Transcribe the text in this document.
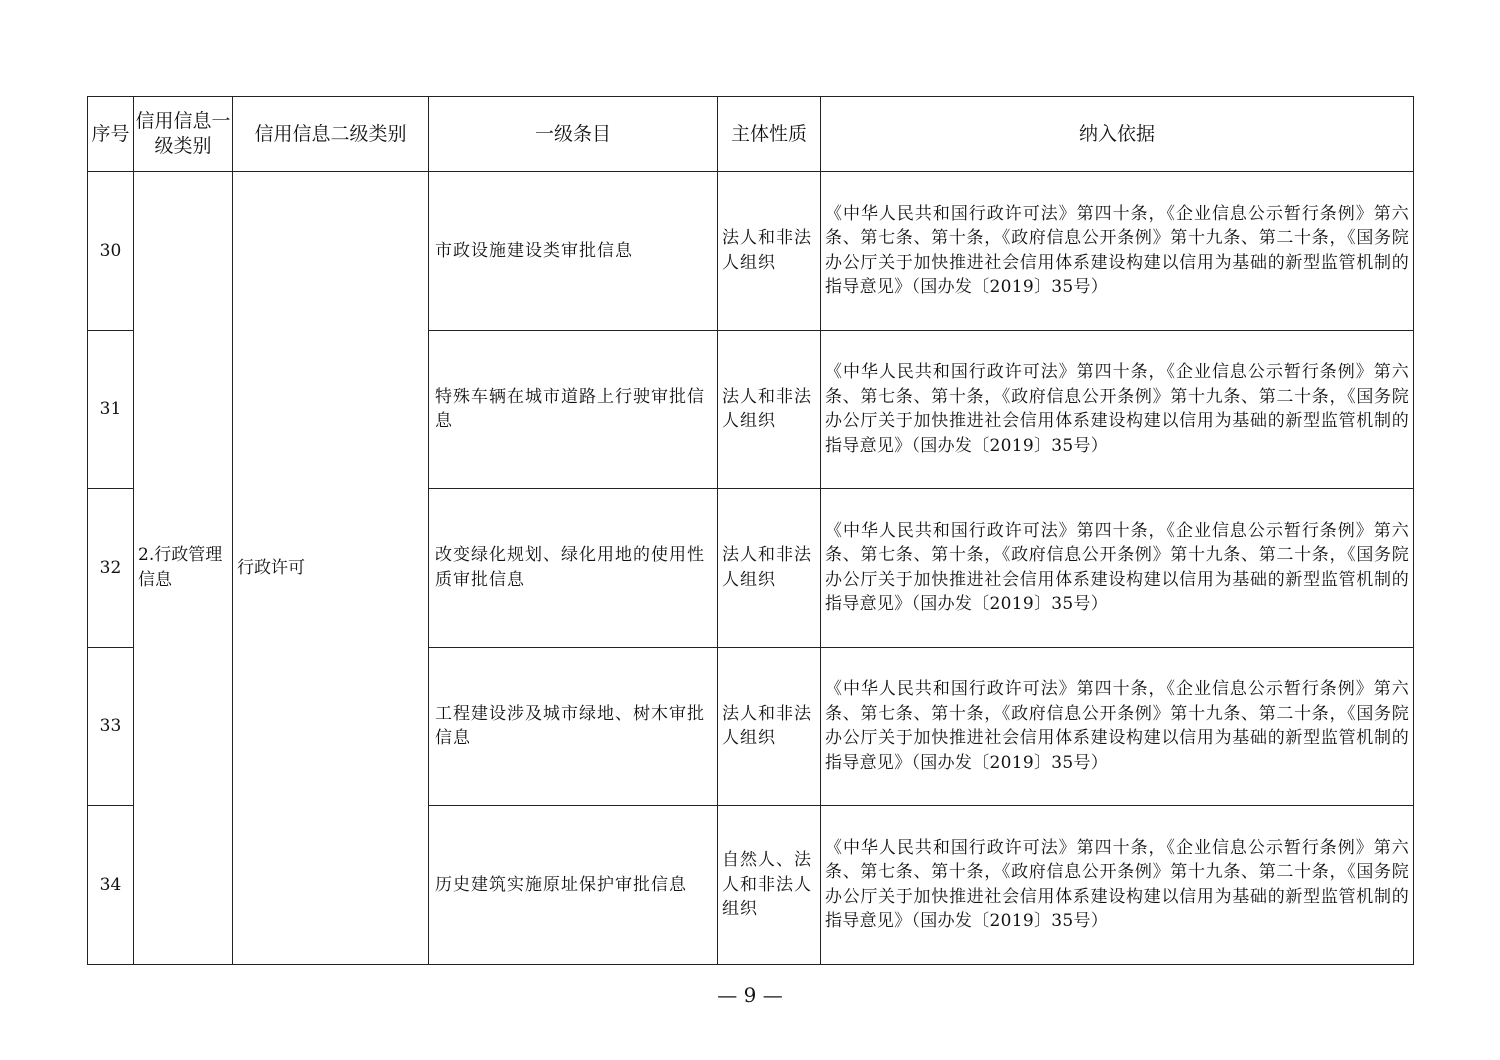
序号	信用信息一级类别	信用信息二级类别	一级条目	主体性质	纳入依据
30	2.行政管理信息	行政许可	市政设施建设类审批信息	法人和非法人组织	《中华人民共和国行政许可法》第四十条，《企业信息公示暂行条例》第六条、第七条、第十条，《政府信息公开条例》第十九条、第二十条，《国务院办公厅关于加快推进社会信用体系建设构建以信用为基础的新型监管机制的指导意见》（国办发〔2019〕35号）
31			特殊车辆在城市道路上行驶审批信息	法人和非法人组织	《中华人民共和国行政许可法》第四十条，《企业信息公示暂行条例》第六条、第七条、第十条，《政府信息公开条例》第十九条、第二十条，《国务院办公厅关于加快推进社会信用体系建设构建以信用为基础的新型监管机制的指导意见》（国办发〔2019〕35号）
32			改变绿化规划、绿化用地的使用性质审批信息	法人和非法人组织	《中华人民共和国行政许可法》第四十条，《企业信息公示暂行条例》第六条、第七条、第十条，《政府信息公开条例》第十九条、第二十条，《国务院办公厅关于加快推进社会信用体系建设构建以信用为基础的新型监管机制的指导意见》（国办发〔2019〕35号）
33			工程建设涉及城市绿地、树木审批信息	法人和非法人组织	《中华人民共和国行政许可法》第四十条，《企业信息公示暂行条例》第六条、第七条、第十条，《政府信息公开条例》第十九条、第二十条，《国务院办公厅关于加快推进社会信用体系建设构建以信用为基础的新型监管机制的指导意见》（国办发〔2019〕35号）
34			历史建筑实施原址保护审批信息	自然人、法人和非法人组织	《中华人民共和国行政许可法》第四十条，《企业信息公示暂行条例》第六条、第七条、第十条，《政府信息公开条例》第十九条、第二十条，《国务院办公厅关于加快推进社会信用体系建设构建以信用为基础的新型监管机制的指导意见》（国办发〔2019〕35号）
— 9 —
